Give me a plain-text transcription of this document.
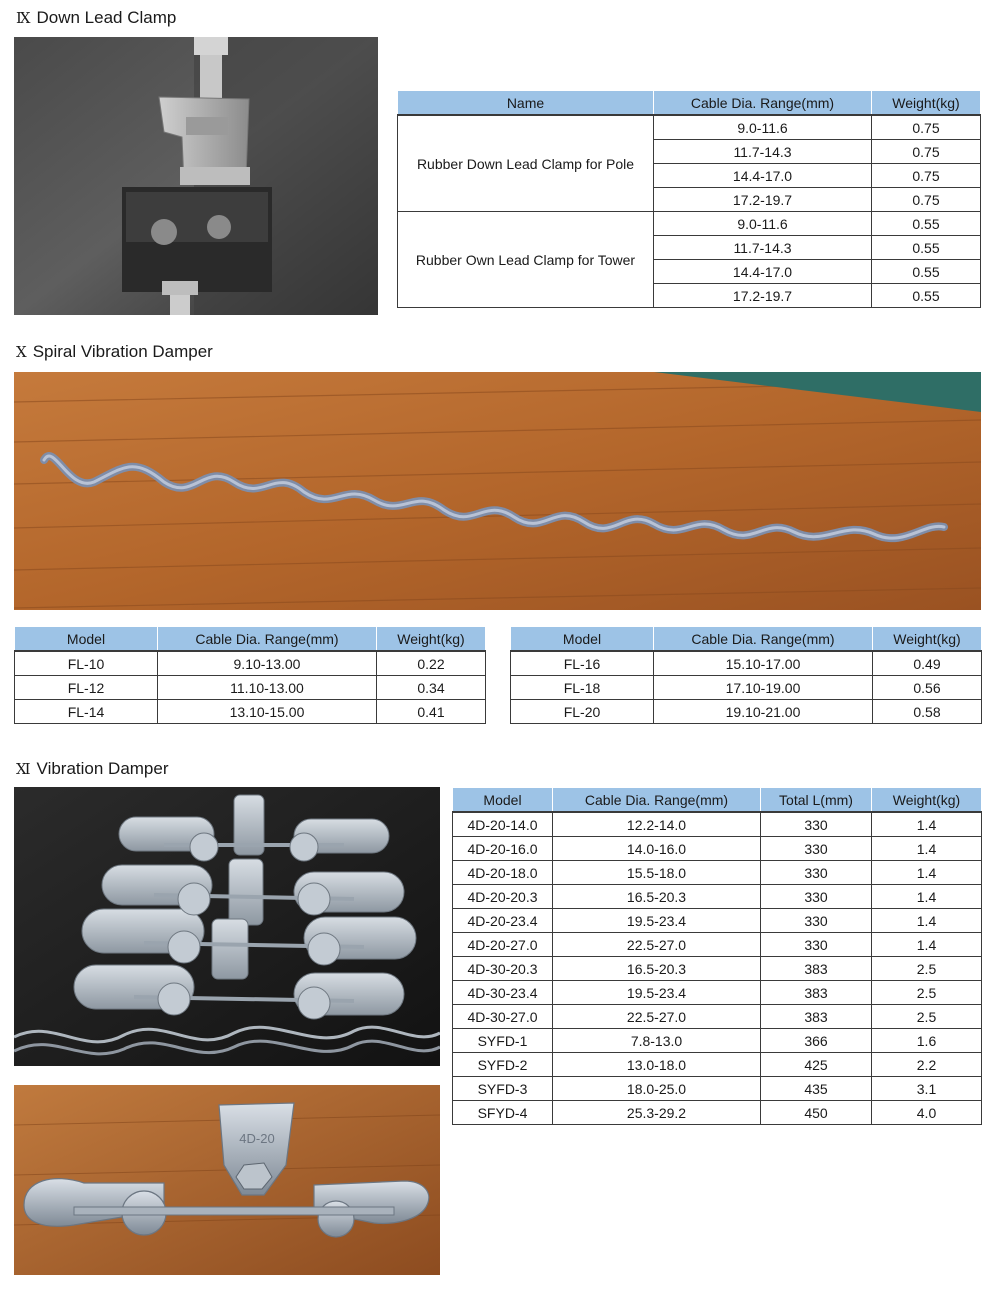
Ⅸ Down Lead Clamp
Name	Cable Dia. Range(mm)	Weight(kg)
Rubber Down Lead Clamp for Pole	9.0-11.6	0.75
	11.7-14.3	0.75
	14.4-17.0	0.75
	17.2-19.7	0.75
Rubber Own Lead Clamp for Tower	9.0-11.6	0.55
	11.7-14.3	0.55
	14.4-17.0	0.55
	17.2-19.7	0.55
Ⅹ Spiral Vibration Damper
Model	Cable Dia. Range(mm)	Weight(kg)
FL-10	9.10-13.00	0.22
FL-12	11.10-13.00	0.34
FL-14	13.10-15.00	0.41
Model	Cable Dia. Range(mm)	Weight(kg)
FL-16	15.10-17.00	0.49
FL-18	17.10-19.00	0.56
FL-20	19.10-21.00	0.58
Ⅺ Vibration Damper
4D-20
Model	Cable Dia. Range(mm)	Total L(mm)	Weight(kg)
4D-20-14.0	12.2-14.0	330	1.4
4D-20-16.0	14.0-16.0	330	1.4
4D-20-18.0	15.5-18.0	330	1.4
4D-20-20.3	16.5-20.3	330	1.4
4D-20-23.4	19.5-23.4	330	1.4
4D-20-27.0	22.5-27.0	330	1.4
4D-30-20.3	16.5-20.3	383	2.5
4D-30-23.4	19.5-23.4	383	2.5
4D-30-27.0	22.5-27.0	383	2.5
SYFD-1	7.8-13.0	366	1.6
SYFD-2	13.0-18.0	425	2.2
SYFD-3	18.0-25.0	435	3.1
SFYD-4	25.3-29.2	450	4.0
